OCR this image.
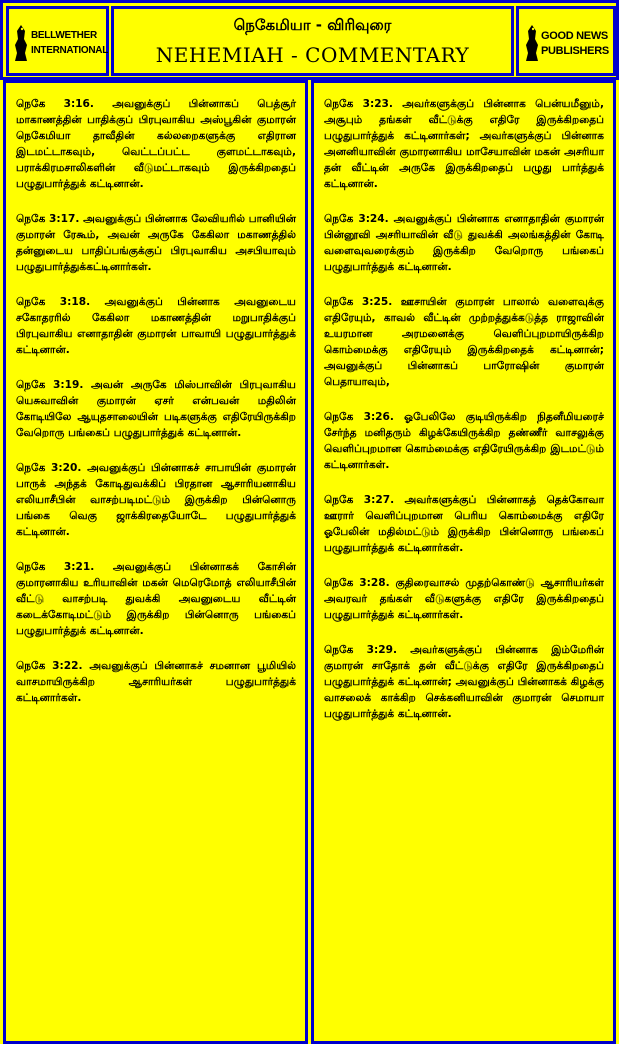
BELLWETHER
INTERNATIONAL
நெகேமியா - விரிவுரை
NEHEMIAH - COMMENTARY
GOOD NEWS
PUBLISHERS

நெகே 3:16. அவனுக்குப் பின்னாகப் பெத்சூர் மாகாணத்தின் பாதிக்குப் பிரபுவாகிய அஸ்பூகின் குமாரன் நெகேமியா தாவீதின் கல்லறைகளுக்கு எதிரான இடமட்டாகவும், வெட்டப்பட்ட குளமட்டாகவும், பராக்கிரமசாலிகளின் வீடுமட்டாகவும் இருக்கிறதைப் பழுதுபார்த்துக் கட்டினான்.

நெகே 3:17. அவனுக்குப் பின்னாக லேவியரில் பானியின் குமாரன் ரேகூம், அவன் அருகே கேகிலா மகாணத்தில் தன்னுடைய பாதிப்பங்குக்குப் பிரபுவாகிய அசபியாவும் பழுதுபார்த்துக்கட்டினார்கள்.

நெகே 3:18. அவனுக்குப் பின்னாக அவனுடைய சகோதரரில் கேகிலா மகாணத்தின் மறுபாதிக்குப் பிரபுவாகிய எனாதாதின் குமாரன் பாவாயி பழுதுபார்த்துக் கட்டினான்.

நெகே 3:19. அவன் அருகே மிஸ்பாவின் பிரபுவாகிய யெசுவாவின் குமாரன் ஏசர் என்பவன் மதிலின் கோடியிலே ஆயுதசாலையின் படிகளுக்கு எதிரேயிருக்கிற வேறொரு பங்கைப் பழுதுபார்த்துக் கட்டினான்.

நெகே 3:20. அவனுக்குப் பின்னாகச் சாபாயின் குமாரன் பாருக் அந்தக் கோடிதுவக்கிப் பிரதான ஆசாரியனாகிய எலியாசீபின் வாசற்படிமட்டும் இருக்கிற பின்னொரு பங்கை வெகு ஜாக்கிரதையோடே பழுதுபார்த்துக் கட்டினான்.

நெகே 3:21. அவனுக்குப் பின்னாகக் கோசின் குமாரனாகிய உரியாவின் மகன் மெரெமோத் எலியாசீபின் வீட்டு வாசற்படி துவக்கி அவனுடைய வீட்டின் கடைக்கோடிமட்டும் இருக்கிற பின்னொரு பங்கைப் பழுதுபார்த்துக் கட்டினான்.

நெகே 3:22. அவனுக்குப் பின்னாகச் சமனான பூமியில் வாசமாயிருக்கிற ஆசாரியர்கள் பழுதுபார்த்துக் கட்டினார்கள்.

நெகே 3:23. அவர்களுக்குப் பின்னாக பென்யமீனும், அசூபும் தங்கள் வீட்டுக்கு எதிரே இருக்கிறதைப் பழுதுபார்த்துக் கட்டினார்கள்; அவர்களுக்குப் பின்னாக அனனியாவின் குமாரனாகிய மாசேயாவின் மகன் அசரியா தன் வீட்டின் அருகே இருக்கிறதைப் பழுது பார்த்துக் கட்டினான்.

நெகே 3:24. அவனுக்குப் பின்னாக எனாதாதின் குமாரன் பின்னூவி அசரியாவின் வீடு துவக்கி அலங்கத்தின் கோடி வளைவுவரைக்கும் இருக்கிற வேறொரு பங்கைப் பழுதுபார்த்துக் கட்டினான்.

நெகே 3:25. ஊசாயின் குமாரன் பாலால் வளைவுக்கு எதிரேயும், காவல் வீட்டின் முற்றத்துக்கடுத்த ராஜாவின் உயரமான அரமனைக்கு வெளிப்புறமாயிருக்கிற கொம்மைக்கு எதிரேயும் இருக்கிறதைக் கட்டினான்; அவனுக்குப் பின்னாகப் பாரோஷின் குமாரன் பெதாயாவும்,

நெகே 3:26. ஓபேலிலே குடியிருக்கிற நிதனீமியரைச் சேர்ந்த மனிதரும் கிழக்கேயிருக்கிற தண்ணீர் வாசலுக்கு வெளிப்புறமான கொம்மைக்கு எதிரேயிருக்கிற இடமட்டும் கட்டினார்கள்.

நெகே 3:27. அவர்களுக்குப் பின்னாகத் தெக்கோவா ஊரார் வெளிப்புறமான பெரிய கொம்மைக்கு எதிரே ஓபேலின் மதில்மட்டும் இருக்கிற பின்னொரு பங்கைப் பழுதுபார்த்துக் கட்டினார்கள்.

நெகே 3:28. குதிரைவாசல் முதற்கொண்டு ஆசாரியர்கள் அவரவர் தங்கள் வீடுகளுக்கு எதிரே இருக்கிறதைப் பழுதுபார்த்துக் கட்டினார்கள்.

நெகே 3:29. அவர்களுக்குப் பின்னாக இம்மேரின் குமாரன் சாதோக் தன் வீட்டுக்கு எதிரே இருக்கிறதைப் பழுதுபார்த்துக் கட்டினான்; அவனுக்குப் பின்னாகக் கிழக்கு வாசலைக் காக்கிற செக்கனியாவின் குமாரன் செமாயா பழுதுபார்த்துக் கட்டினான்.
